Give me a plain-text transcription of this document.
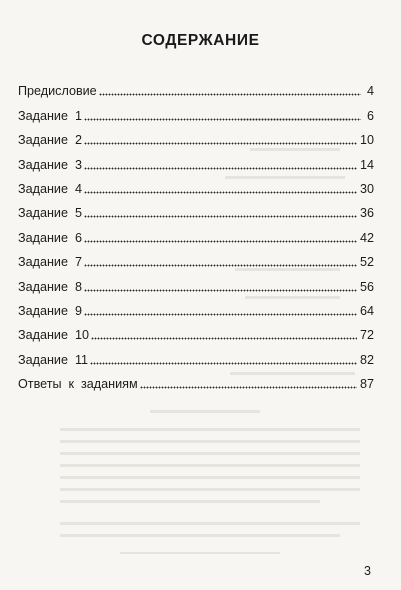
СОДЕРЖАНИЕ
Предисловие	4
Задание  1	6
Задание  2	10
Задание  3	14
Задание  4	30
Задание  5	36
Задание  6	42
Задание  7	52
Задание  8	56
Задание  9	64
Задание  10	72
Задание  11	82
Ответы  к  заданиям	87
3
